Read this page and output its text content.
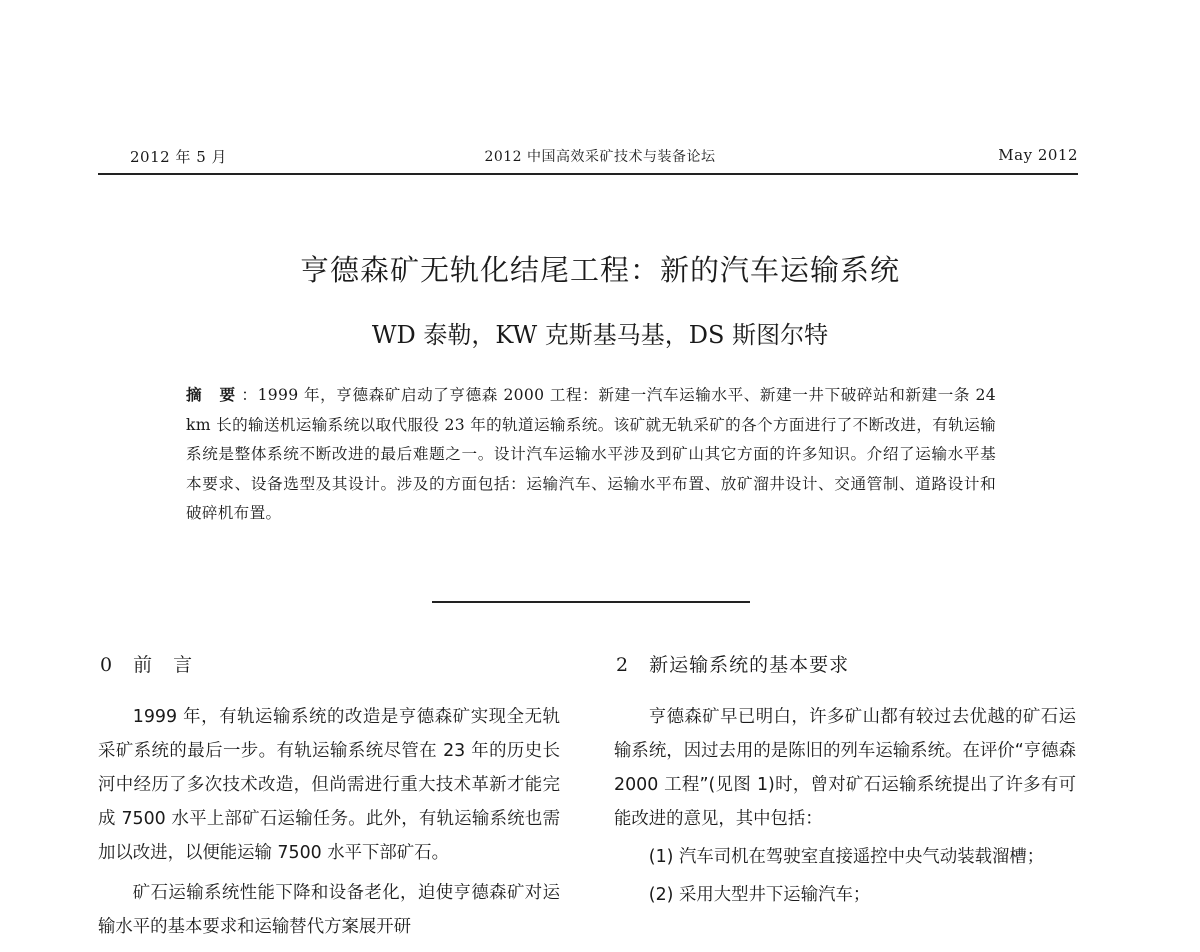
2012 年 5 月	2012 中国高效采矿技术与装备论坛	May 2012
亨德森矿无轨化结尾工程：新的汽车运输系统
WD 泰勒，KW 克斯基马基，DS 斯图尔特
摘 要：1999 年，亨德森矿启动了亨德森 2000 工程：新建一汽车运输水平、新建一井下破碎站和新建一条 24 km 长的输送机运输系统以取代服役 23 年的轨道运输系统。该矿就无轨采矿的各个方面进行了不断改进，有轨运输系统是整体系统不断改进的最后难题之一。设计汽车运输水平涉及到矿山其它方面的许多知识。介绍了运输水平基本要求、设备选型及其设计。涉及的方面包括：运输汽车、运输水平布置、放矿溜井设计、交通管制、道路设计和破碎机布置。
0　前　言	2　新运输系统的基本要求

1999 年，有轨运输系统的改造是亨德森矿实现全无轨采矿系统的最后一步。有轨运输系统尽管在 23 年的历史长河中经历了多次技术改造，但尚需进行重大技术革新才能完成 7500 水平上部矿石运输任务。此外，有轨运输系统也需加以改进，以便能运输 7500 水平下部矿石。

矿石运输系统性能下降和设备老化，迫使亨德森矿对运输水平的基本要求和运输替代方案展开研

亨德森矿早已明白，许多矿山都有较过去优越的矿石运输系统，因过去用的是陈旧的列车运输系统。在评价“亨德森 2000 工程”(见图 1)时，曾对矿石运输系统提出了许多有可能改进的意见，其中包括：

(1) 汽车司机在驾驶室直接遥控中央气动装载溜槽；

(2) 采用大型井下运输汽车；
